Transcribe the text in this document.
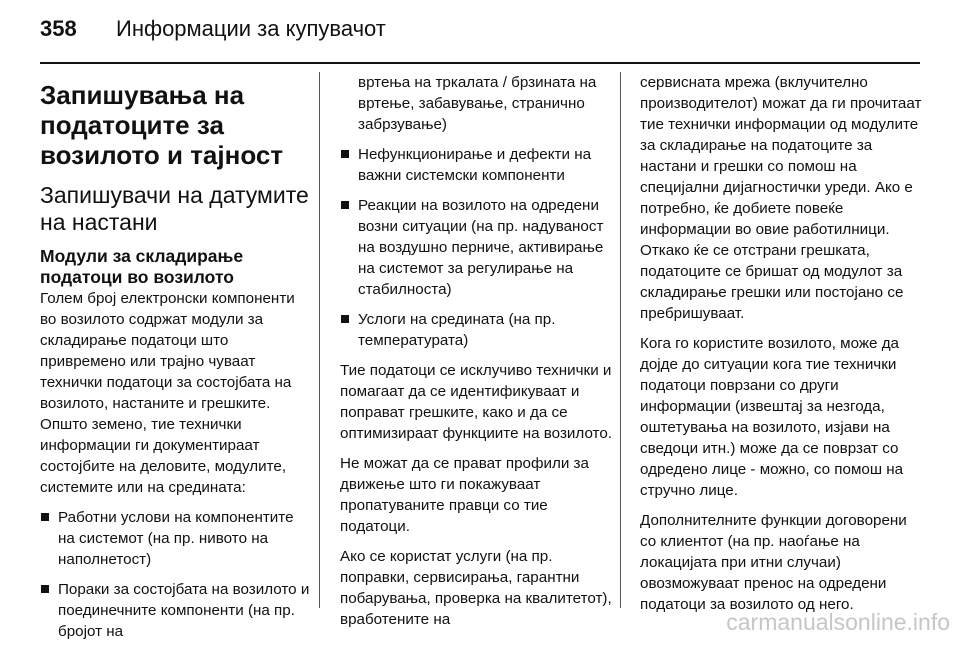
358 Информации за купувачот
Запишувања на податоците за возилото и тајност
Запишувачи на датумите на настани
Модули за складирање податоци во возилото

Голем број електронски компоненти во возилото содржат модули за складирање податоци што привремено или трајно чуваат технички податоци за состојбата на возилото, настаните и грешките. Општо земено, тие технички информации ги документираат состојбите на деловите, модулите, системите или на средината:

Работни услови на компонентите на системот (на пр. нивото на наполнетост)
Пораки за состојбата на возилото и поединечните компоненти (на пр. бројот на
вртења на тркалата / брзината на вртење, забавување, странично забрзување)
Нефункционирање и дефекти на важни системски компоненти
Реакции на возилото на одредени возни ситуации (на пр. надуваност на воздушно перниче, активирање на системот за регулирање на стабилноста)
Услоги на средината (на пр. температурата)

Тие податоци се исклучиво технички и помагаат да се идентификуваат и поправат грешките, како и да се оптимизираат функциите на возилото.

Не можат да се прават профили за движење што ги покажуваат пропатуваните правци со тие податоци.

Ако се користат услуги (на пр. поправки, сервисирања, гарантни побарувања, проверка на квалитетот), вработените на

сервисната мрежа (вклучително производителот) можат да ги прочитаат тие технички информации од модулите за складирање на податоците за настани и грешки со помош на специјални дијагностички уреди. Ако е потребно, ќе добиете повеќе информации во овие работилници. Откако ќе се отстрани грешката, податоците се бришат од модулот за складирање грешки или постојано се пребришуваат.

Кога го користите возилото, може да дојде до ситуации кога тие технички податоци поврзани со други информации (извештај за незгода, оштетувања на возилото, изјави на сведоци итн.) може да се поврзат со одредено лице - можно, со помош на стручно лице.

Дополнителните функции договорени со клиентот (на пр. наоѓање на локацијата при итни случаи) овозможуваат пренос на одредени податоци за возилото од него.

carmanualsonline.info
